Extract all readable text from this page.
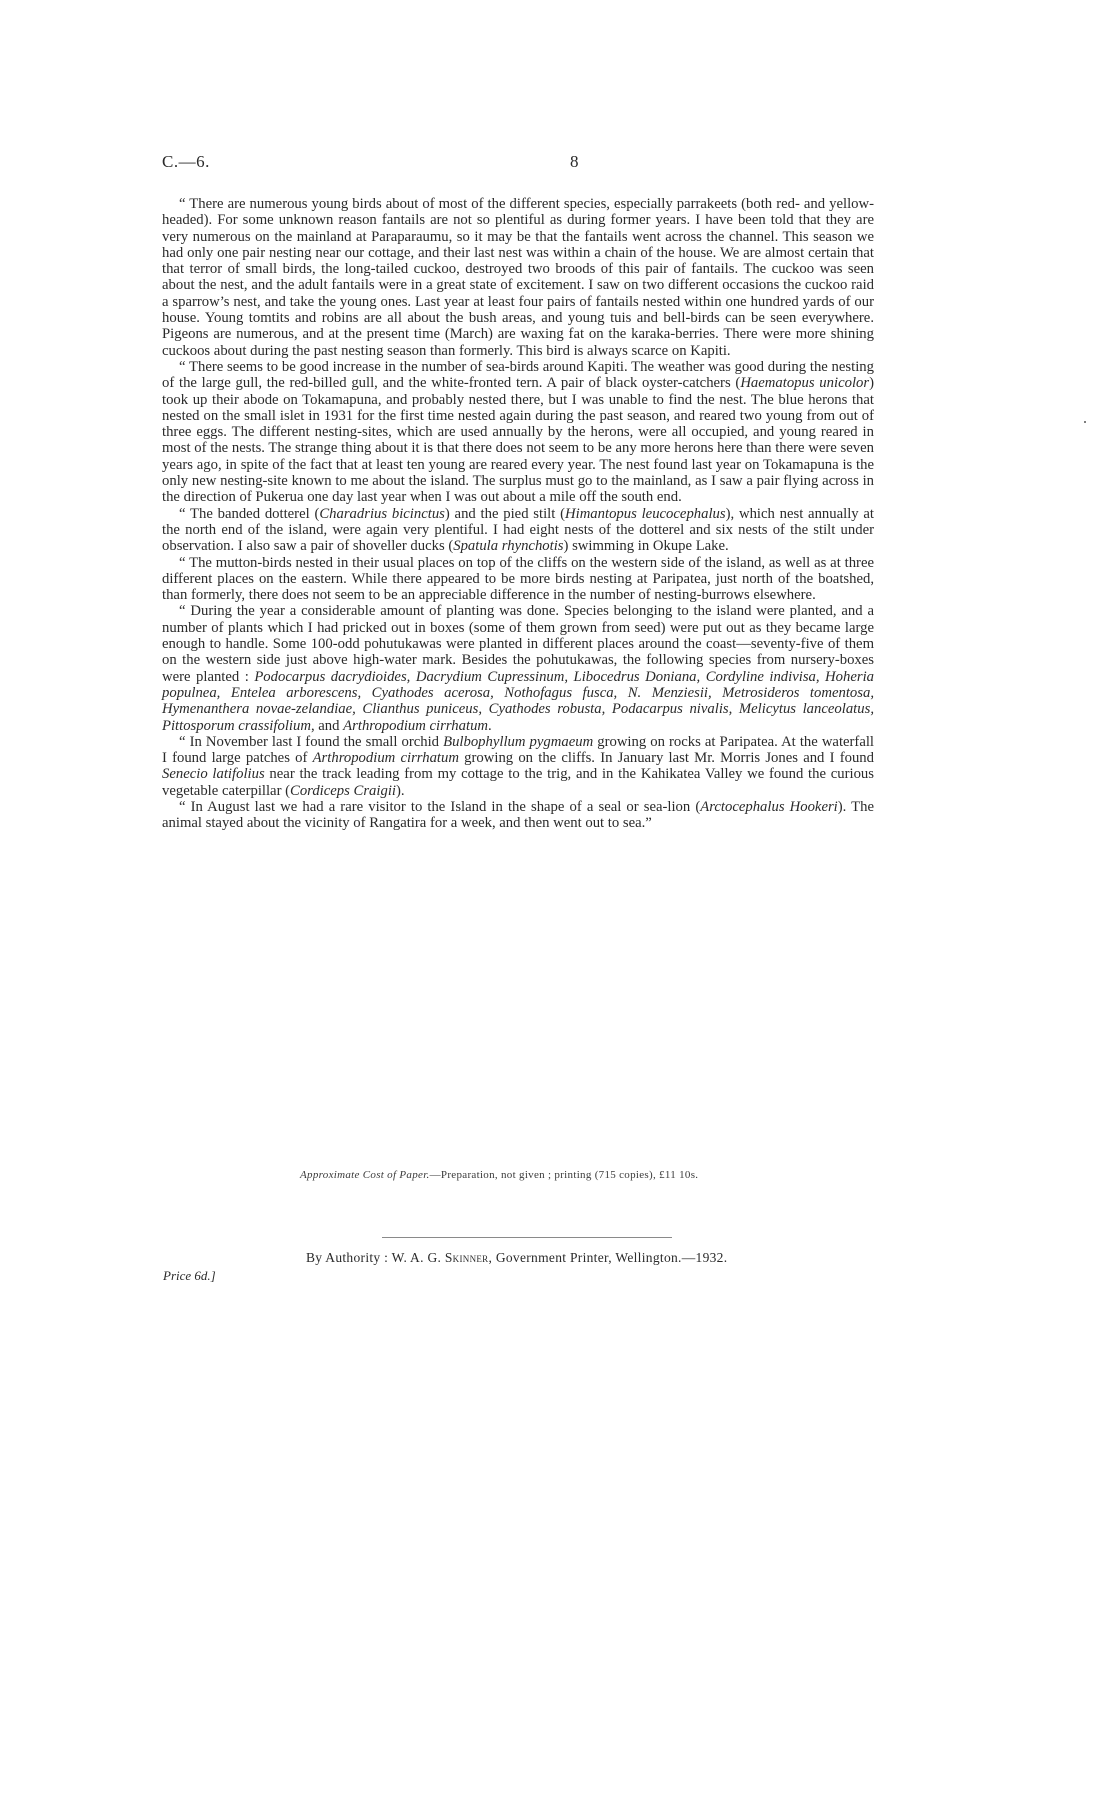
C.—6.	8

“ There are numerous young birds about of most of the different species, especially parrakeets (both red- and yellow-headed). For some unknown reason fantails are not so plentiful as during former years. I have been told that they are very numerous on the mainland at Paraparaumu, so it may be that the fantails went across the channel. This season we had only one pair nesting near our cottage, and their last nest was within a chain of the house. We are almost certain that that terror of small birds, the long-tailed cuckoo, destroyed two broods of this pair of fantails. The cuckoo was seen about the nest, and the adult fantails were in a great state of excitement. I saw on two different occasions the cuckoo raid a sparrow’s nest, and take the young ones. Last year at least four pairs of fantails nested within one hundred yards of our house. Young tomtits and robins are all about the bush areas, and young tuis and bell-birds can be seen everywhere. Pigeons are numerous, and at the present time (March) are waxing fat on the karaka-berries. There were more shining cuckoos about during the past nesting season than formerly. This bird is always scarce on Kapiti.

“ There seems to be good increase in the number of sea-birds around Kapiti. The weather was good during the nesting of the large gull, the red-billed gull, and the white-fronted tern. A pair of black oyster-catchers (Haematopus unicolor) took up their abode on Tokamapuna, and probably nested there, but I was unable to find the nest. The blue herons that nested on the small islet in 1931 for the first time nested again during the past season, and reared two young from out of three eggs. The different nesting-sites, which are used annually by the herons, were all occupied, and young reared in most of the nests. The strange thing about it is that there does not seem to be any more herons here than there were seven years ago, in spite of the fact that at least ten young are reared every year. The nest found last year on Tokamapuna is the only new nesting-site known to me about the island. The surplus must go to the mainland, as I saw a pair flying across in the direction of Pukerua one day last year when I was out about a mile off the south end.

“ The banded dotterel (Charadrius bicinctus) and the pied stilt (Himantopus leucocephalus), which nest annually at the north end of the island, were again very plentiful. I had eight nests of the dotterel and six nests of the stilt under observation. I also saw a pair of shoveller ducks (Spatula rhynchotis) swimming in Okupe Lake.

“ The mutton-birds nested in their usual places on top of the cliffs on the western side of the island, as well as at three different places on the eastern. While there appeared to be more birds nesting at Paripatea, just north of the boatshed, than formerly, there does not seem to be an appreciable difference in the number of nesting-burrows elsewhere.

“ During the year a considerable amount of planting was done. Species belonging to the island were planted, and a number of plants which I had pricked out in boxes (some of them grown from seed) were put out as they became large enough to handle. Some 100-odd pohutukawas were planted in different places around the coast—seventy-five of them on the western side just above high-water mark. Besides the pohutukawas, the following species from nursery-boxes were planted : Podocarpus dacrydioides, Dacrydium Cupressinum, Libocedrus Doniana, Cordyline indivisa, Hoheria populnea, Entelea arborescens, Cyathodes acerosa, Nothofagus fusca, N. Menziesii, Metrosideros tomentosa, Hymenanthera novae-zelandiae, Clianthus puniceus, Cyathodes robusta, Podacarpus nivalis, Melicytus lanceolatus, Pittosporum crassifolium, and Arthropodium cirrhatum.

“ In November last I found the small orchid Bulbophyllum pygmaeum growing on rocks at Paripatea. At the waterfall I found large patches of Arthropodium cirrhatum growing on the cliffs. In January last Mr. Morris Jones and I found Senecio latifolius near the track leading from my cottage to the trig, and in the Kahikatea Valley we found the curious vegetable caterpillar (Cordiceps Craigii).

“ In August last we had a rare visitor to the Island in the shape of a seal or sea-lion (Arctocephalus Hookeri). The animal stayed about the vicinity of Rangatira for a week, and then went out to sea.”

Approximate Cost of Paper.—Preparation, not given ; printing (715 copies), £11 10s.
By Authority : W. A. G. Skinner, Government Printer, Wellington.—1932.
Price 6d.]
